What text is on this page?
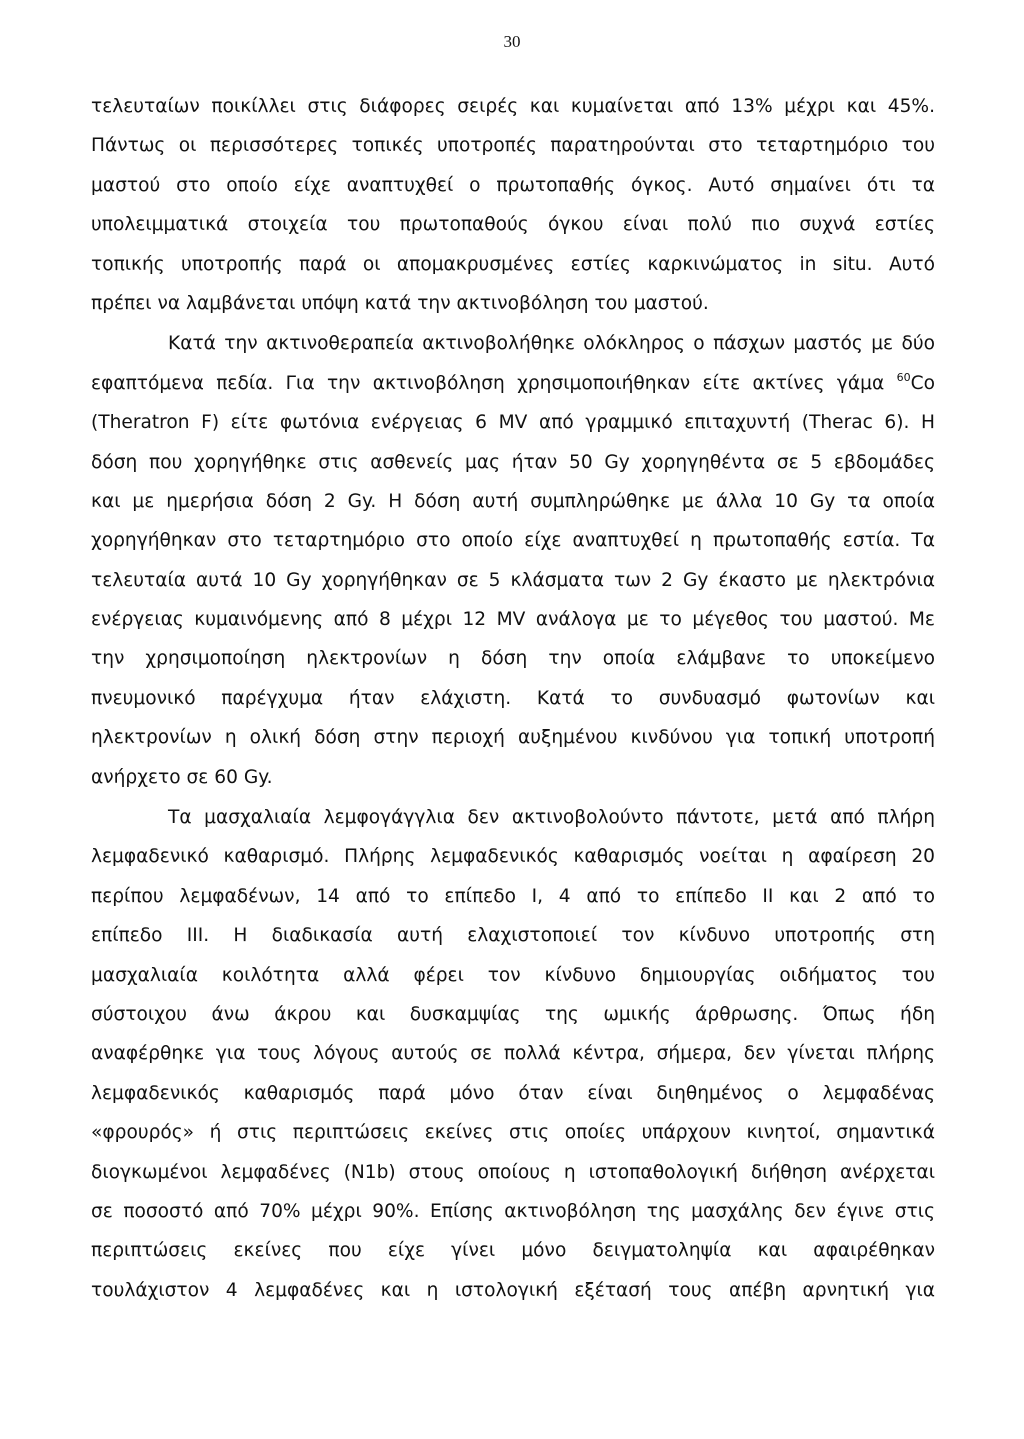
30
τελευταίων ποικίλλει στις διάφορες σειρές και κυμαίνεται από 13% μέχρι και 45%.
Πάντως οι περισσότερες τοπικές υποτροπές παρατηρούνται στο τεταρτημόριο του
μαστού στο οποίο είχε αναπτυχθεί ο πρωτοπαθής όγκος. Αυτό σημαίνει ότι τα
υπολειμματικά στοιχεία του πρωτοπαθούς όγκου είναι πολύ πιο συχνά εστίες
τοπικής υποτροπής παρά οι απομακρυσμένες εστίες καρκινώματος in situ. Αυτό
πρέπει να λαμβάνεται υπόψη κατά την ακτινοβόληση του μαστού.
Κατά την ακτινοθεραπεία ακτινοβολήθηκε ολόκληρος ο πάσχων μαστός με δύο
εφαπτόμενα πεδία. Για την ακτινοβόληση χρησιμοποιήθηκαν είτε ακτίνες γάμα $^{60}$Co
(Theratron F) είτε φωτόνια ενέργειας 6 MV από γραμμικό επιταχυντή (Therac 6). Η
δόση που χορηγήθηκε στις ασθενείς μας ήταν 50 Gy χορηγηθέντα σε 5 εβδομάδες
και με ημερήσια δόση 2 Gy. Η δόση αυτή συμπληρώθηκε με άλλα 10 Gy τα οποία
χορηγήθηκαν στο τεταρτημόριο στο οποίο είχε αναπτυχθεί η πρωτοπαθής εστία. Τα
τελευταία αυτά 10 Gy χορηγήθηκαν σε 5 κλάσματα των 2 Gy έκαστο με ηλεκτρόνια
ενέργειας κυμαινόμενης από 8 μέχρι 12 MV ανάλογα με το μέγεθος του μαστού. Με
την χρησιμοποίηση ηλεκτρονίων η δόση την οποία ελάμβανε το υποκείμενο
πνευμονικό παρέγχυμα ήταν ελάχιστη. Κατά το συνδυασμό φωτονίων και
ηλεκτρονίων η ολική δόση στην περιοχή αυξημένου κινδύνου για τοπική υποτροπή
ανήρχετο σε 60 Gy.
Τα μασχαλιαία λεμφογάγγλια δεν ακτινοβολούντο πάντοτε, μετά από πλήρη
λεμφαδενικό καθαρισμό. Πλήρης λεμφαδενικός καθαρισμός νοείται η αφαίρεση 20
περίπου λεμφαδένων, 14 από το επίπεδο I, 4 από το επίπεδο II και 2 από το
επίπεδο III. Η διαδικασία αυτή ελαχιστοποιεί τον κίνδυνο υποτροπής στη
μασχαλιαία κοιλότητα αλλά φέρει τον κίνδυνο δημιουργίας οιδήματος του
σύστοιχου άνω άκρου και δυσκαμψίας της ωμικής άρθρωσης. Όπως ήδη
αναφέρθηκε για τους λόγους αυτούς σε πολλά κέντρα, σήμερα, δεν γίνεται πλήρης
λεμφαδενικός καθαρισμός παρά μόνο όταν είναι διηθημένος ο λεμφαδένας
«φρουρός» ή στις περιπτώσεις εκείνες στις οποίες υπάρχουν κινητοί, σημαντικά
διογκωμένοι λεμφαδένες (N1b) στους οποίους η ιστοπαθολογική διήθηση ανέρχεται
σε ποσοστό από 70% μέχρι 90%. Επίσης ακτινοβόληση της μασχάλης δεν έγινε στις
περιπτώσεις εκείνες που είχε γίνει μόνο δειγματοληψία και αφαιρέθηκαν
τουλάχιστον 4 λεμφαδένες και η ιστολογική εξέτασή τους απέβη αρνητική για
